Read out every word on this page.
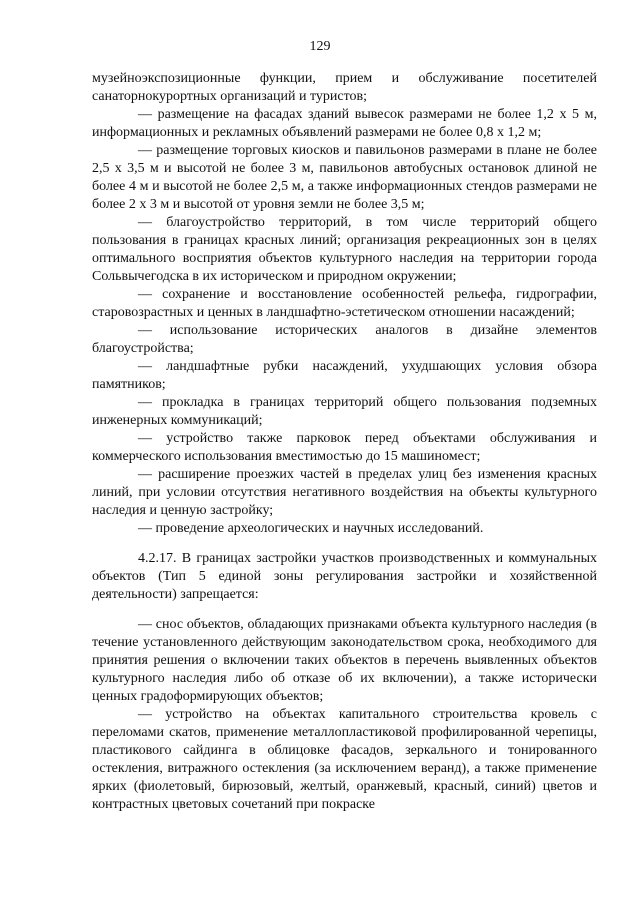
129

музейноэкспозиционные функции, прием и обслуживание посетителей санаторнокурортных организаций и туристов;

— размещение на фасадах зданий вывесок размерами не более 1,2 х 5 м, информационных и рекламных объявлений размерами не более 0,8 х 1,2 м;

— размещение торговых киосков и павильонов размерами в плане не более 2,5 х 3,5 м и высотой не более 3 м, павильонов автобусных остановок длиной не более 4 м и высотой не более 2,5 м, а также информационных стендов размерами не более 2 х 3 м и высотой от уровня земли не более 3,5 м;

— благоустройство территорий, в том числе территорий общего пользования в границах красных линий; организация рекреационных зон в целях оптимального восприятия объектов культурного наследия на территории города Сольвычегодска в их историческом и природном окружении;

— сохранение и восстановление особенностей рельефа, гидрографии, старовозрастных и ценных в ландшафтно-эстетическом отношении насаждений;

— использование исторических аналогов в дизайне элементов благоустройства;

— ландшафтные рубки насаждений, ухудшающих условия обзора памятников;

— прокладка в границах территорий общего пользования подземных инженерных коммуникаций;

— устройство также парковок перед объектами обслуживания и коммерческого использования вместимостью до 15 машиномест;

— расширение проезжих частей в пределах улиц без изменения красных линий, при условии отсутствия негативного воздействия на объекты культурного наследия и ценную застройку;

— проведение археологических и научных исследований.

4.2.17. В границах застройки участков производственных и коммунальных объектов (Тип 5 единой зоны регулирования застройки и хозяйственной деятельности) запрещается:

— снос объектов, обладающих признаками объекта культурного наследия (в течение установленного действующим законодательством срока, необходимого для принятия решения о включении таких объектов в перечень выявленных объектов культурного наследия либо об отказе об их включении), а также исторически ценных градоформирующих объектов;

— устройство на объектах капитального строительства кровель с переломами скатов, применение металлопластиковой профилированной черепицы, пластикового сайдинга в облицовке фасадов, зеркального и тонированного остекления, витражного остекления (за исключением веранд), а также применение ярких (фиолетовый, бирюзовый, желтый, оранжевый, красный, синий) цветов и контрастных цветовых сочетаний при покраске
